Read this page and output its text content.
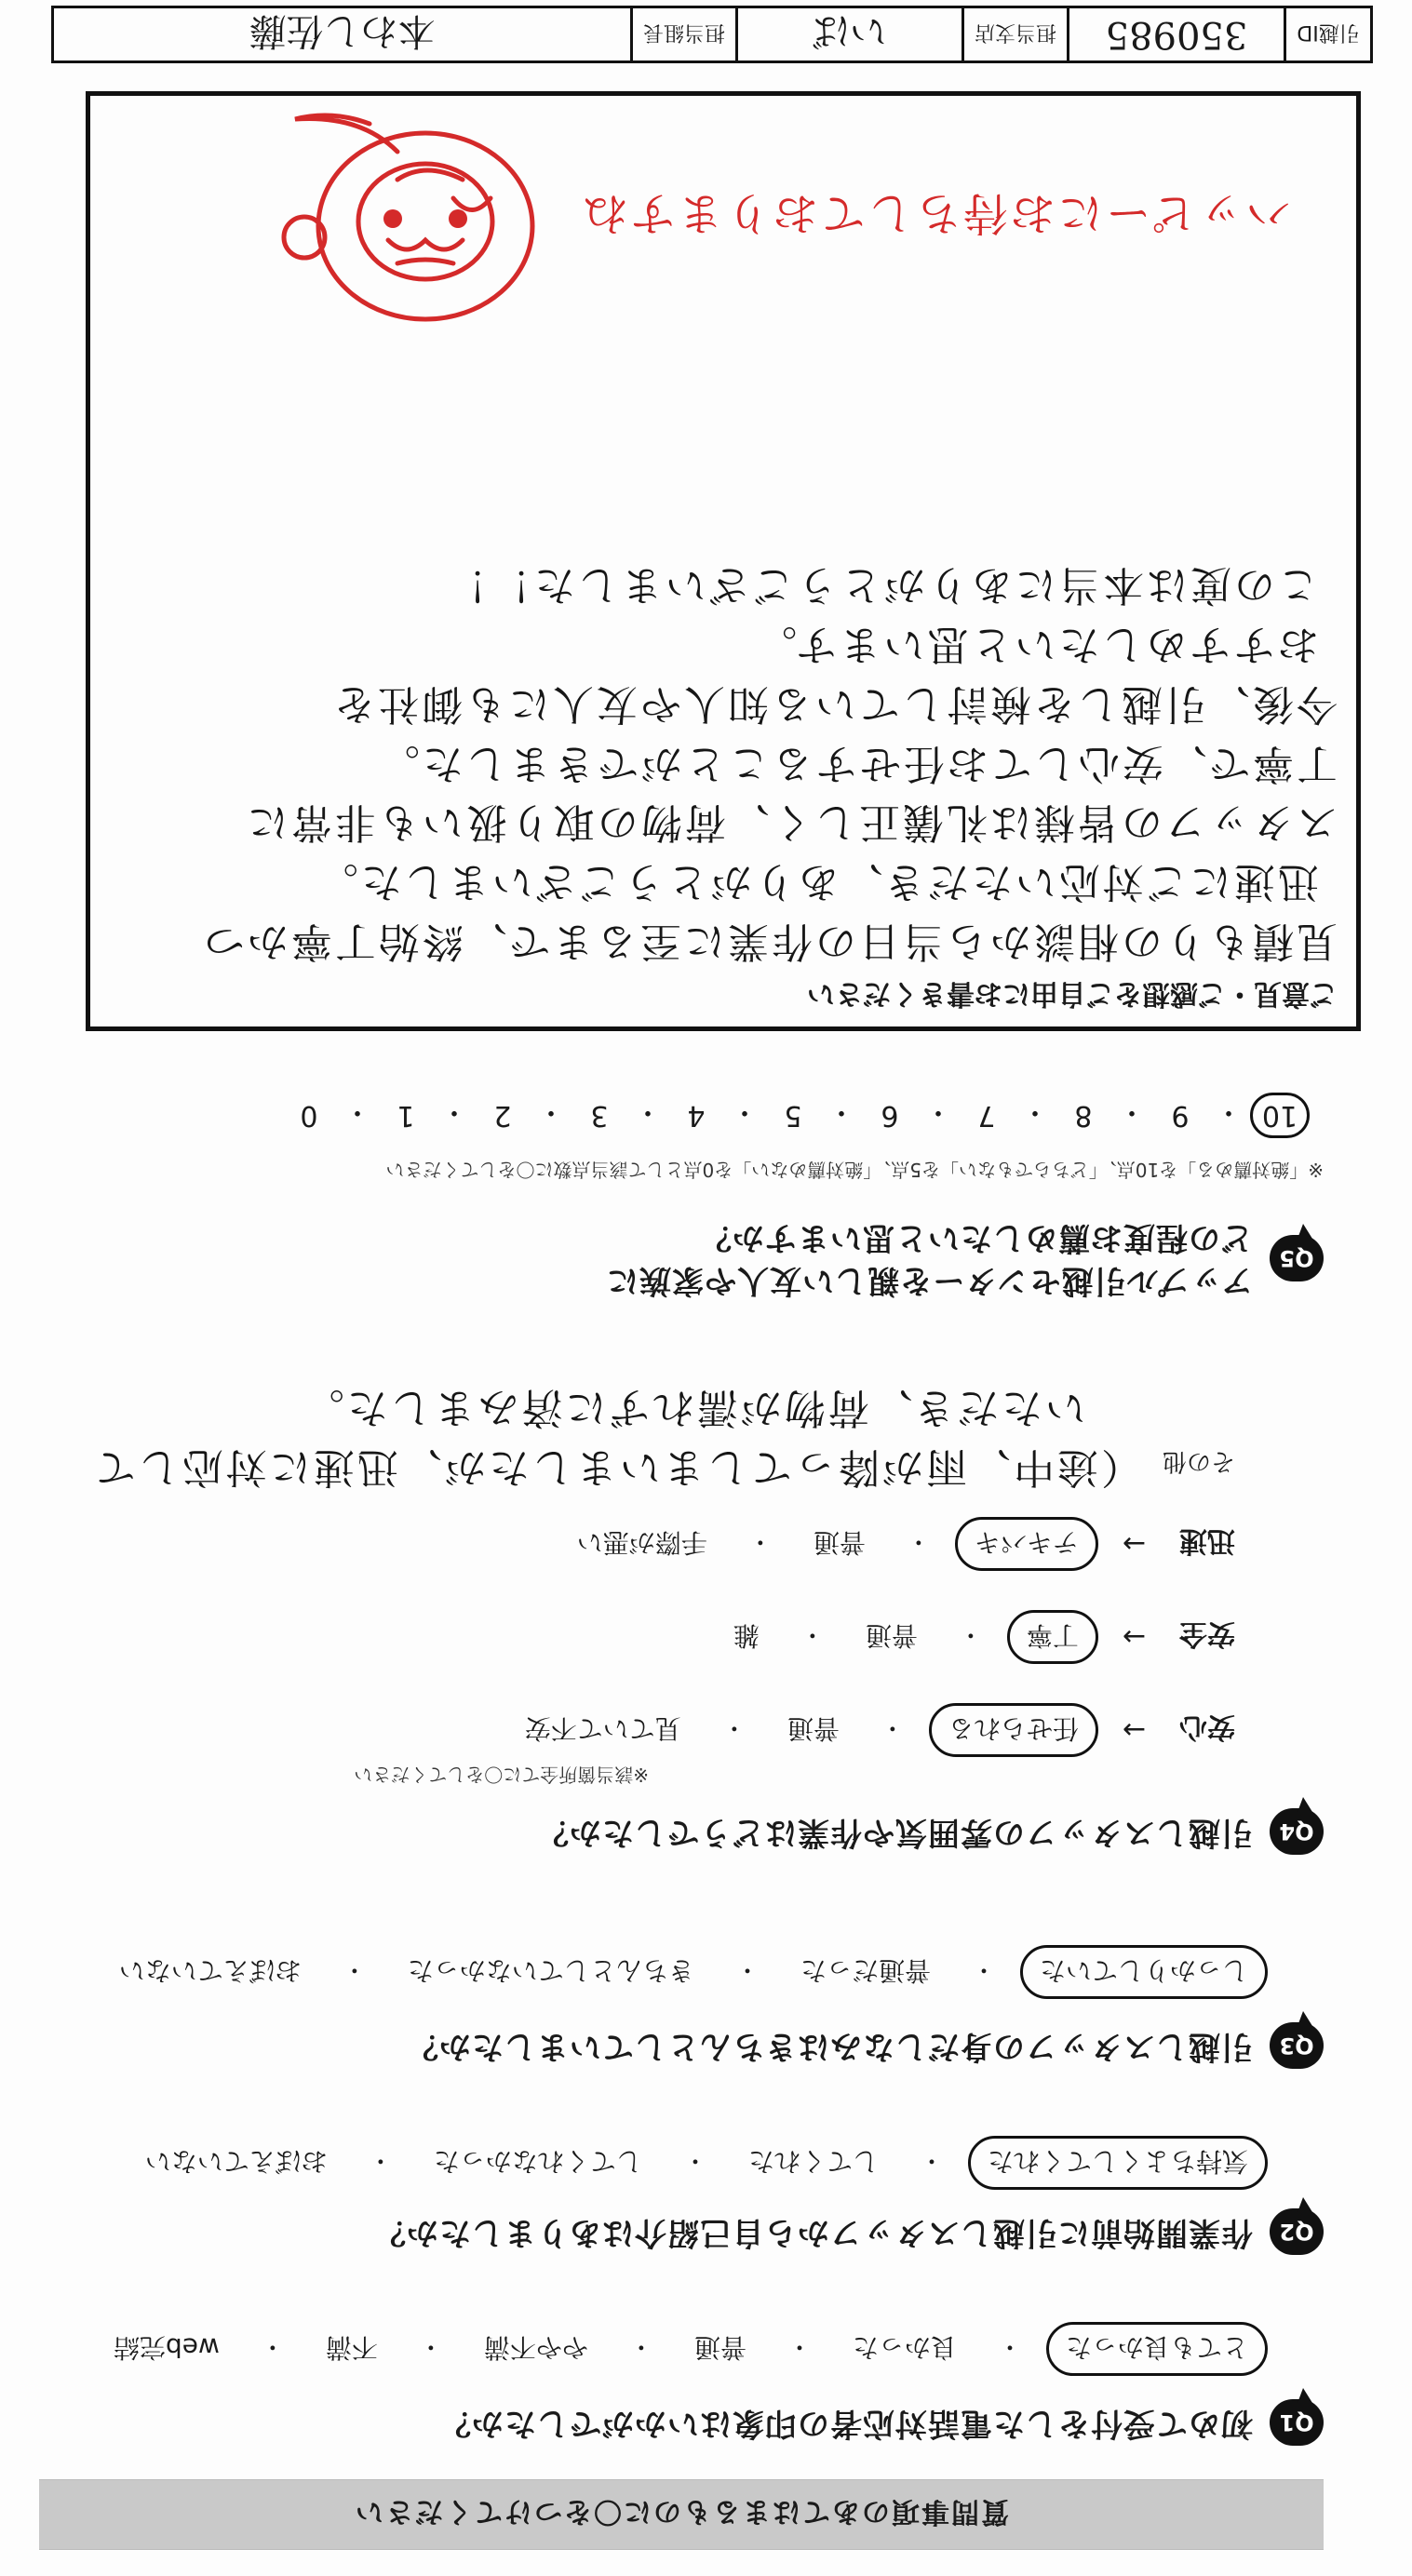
質問事項のあてはまるものに〇をつけてください
Q1
初めて受付をした電話対応者の印象はいかがでしたか？
とても良かった
・
良かった
・
普通
・
やや不満
・
不満
・
web完結
Q2
作業開始前に引越しスタッフから自己紹介はありましたか？
気持ちよくしてくれた
・
してくれた
・
してくれなかった
・
おぼえていない
Q3
引越しスタッフの身だしなみはきちんとしていましたか？
しっかりしていた
・
普通だった
・
きちんとしていなかった
・
おぼえていない
Q4
引越しスタッフの雰囲気や作業はどうでしたか？
※該当箇所全てに〇をしてください
安心
→
任せられる
・
普通
・
見ていて不安
安全
→
丁寧
・
普通
・
雑
迅速
→
テキパキ
・
普通
・
手際が悪い
その他
（途中、雨が降ってしまいましたが、迅速に対応して
いただき、荷物が濡れずに済みました。
Q5
アップル引越センターを親しい友人や家族に
どの程度お薦めしたいと思いますか？
※「絶対薦める」を10点、「どちらでもない」を5点、「絶対薦めない」を0点として該当点数に〇をしてください
10
・
9
・
8
・
7
・
6
・
5
・
4
・
3
・
2
・
1
・
0
ご意見・ご感想をご自由にお書きください
見積もりの相談から当日の作業に至るまで、終始丁寧かつ
迅速にご対応いただき、ありがとうございました。
スタッフの皆様は礼儀正しく、荷物の取り扱いも非常に
丁寧で、安心してお任せすることができました。
今後、引越しを検討している知人や友人にも御社を
おすすめしたいと思います。
この度は本当にありがとうございました！！
ハッピーにお待ちしておりますね
引越ID
350985
担当支店
いば
担当組長
本わし佐藤
